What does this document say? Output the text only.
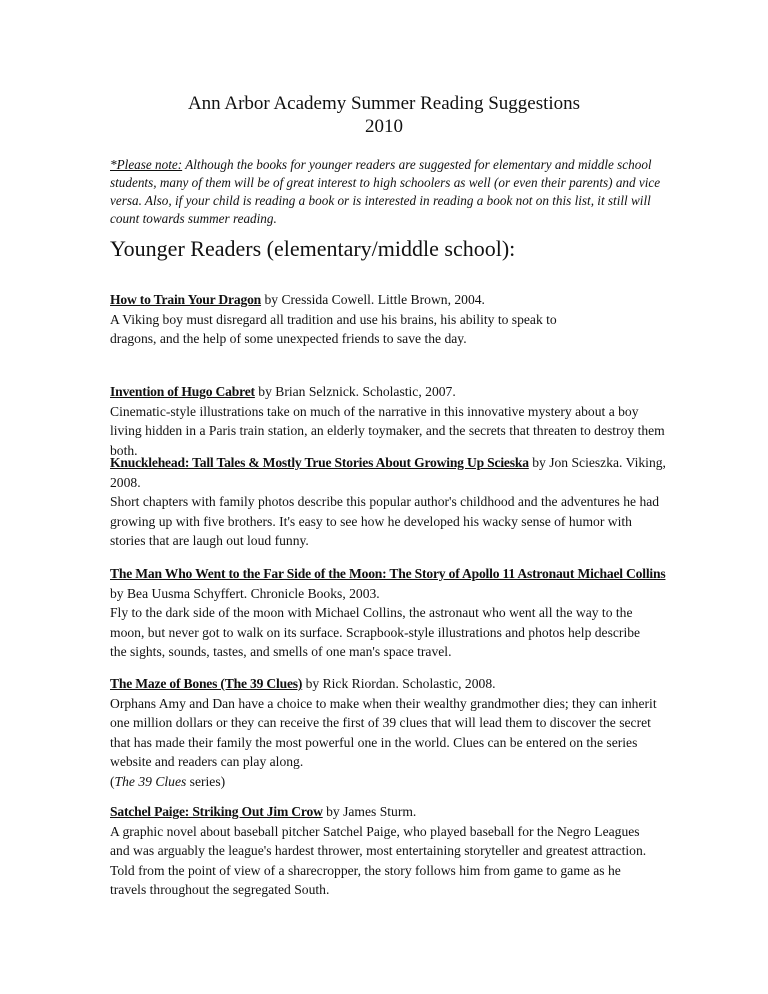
Ann Arbor Academy Summer Reading Suggestions
2010
*Please note: Although the books for younger readers are suggested for elementary and middle school students, many of them will be of great interest to high schoolers as well (or even their parents) and vice versa. Also, if your child is reading a book or is interested in reading a book not on this list, it still will count towards summer reading.
Younger Readers (elementary/middle school):

How to Train Your Dragon by Cressida Cowell. Little Brown, 2004.

A Viking boy must disregard all tradition and use his brains, his ability to speak to dragons, and the help of some unexpected friends to save the day.

Invention of Hugo Cabret by Brian Selznick. Scholastic, 2007.

Cinematic-style illustrations take on much of the narrative in this innovative mystery about a boy living hidden in a Paris train station, an elderly toymaker, and the secrets that threaten to destroy them both.

Knucklehead: Tall Tales & Mostly True Stories About Growing Up Scieska by Jon Scieszka. Viking, 2008.

Short chapters with family photos describe this popular author's childhood and the adventures he had growing up with five brothers. It's easy to see how he developed his wacky sense of humor with stories that are laugh out loud funny.

The Man Who Went to the Far Side of the Moon: The Story of Apollo 11 Astronaut Michael Collins by Bea Uusma Schyffert. Chronicle Books, 2003.

Fly to the dark side of the moon with Michael Collins, the astronaut who went all the way to the moon, but never got to walk on its surface. Scrapbook-style illustrations and photos help describe the sights, sounds, tastes, and smells of one man's space travel.

The Maze of Bones (The 39 Clues) by Rick Riordan. Scholastic, 2008.

Orphans Amy and Dan have a choice to make when their wealthy grandmother dies; they can inherit one million dollars or they can receive the first of 39 clues that will lead them to discover the secret that has made their family the most powerful one in the world. Clues can be entered on the series website and readers can play along.

(The 39 Clues series)

Satchel Paige: Striking Out Jim Crow by James Sturm.

A graphic novel about baseball pitcher Satchel Paige, who played baseball for the Negro Leagues and was arguably the league's hardest thrower, most entertaining storyteller and greatest attraction. Told from the point of view of a sharecropper, the story follows him from game to game as he travels throughout the segregated South.
